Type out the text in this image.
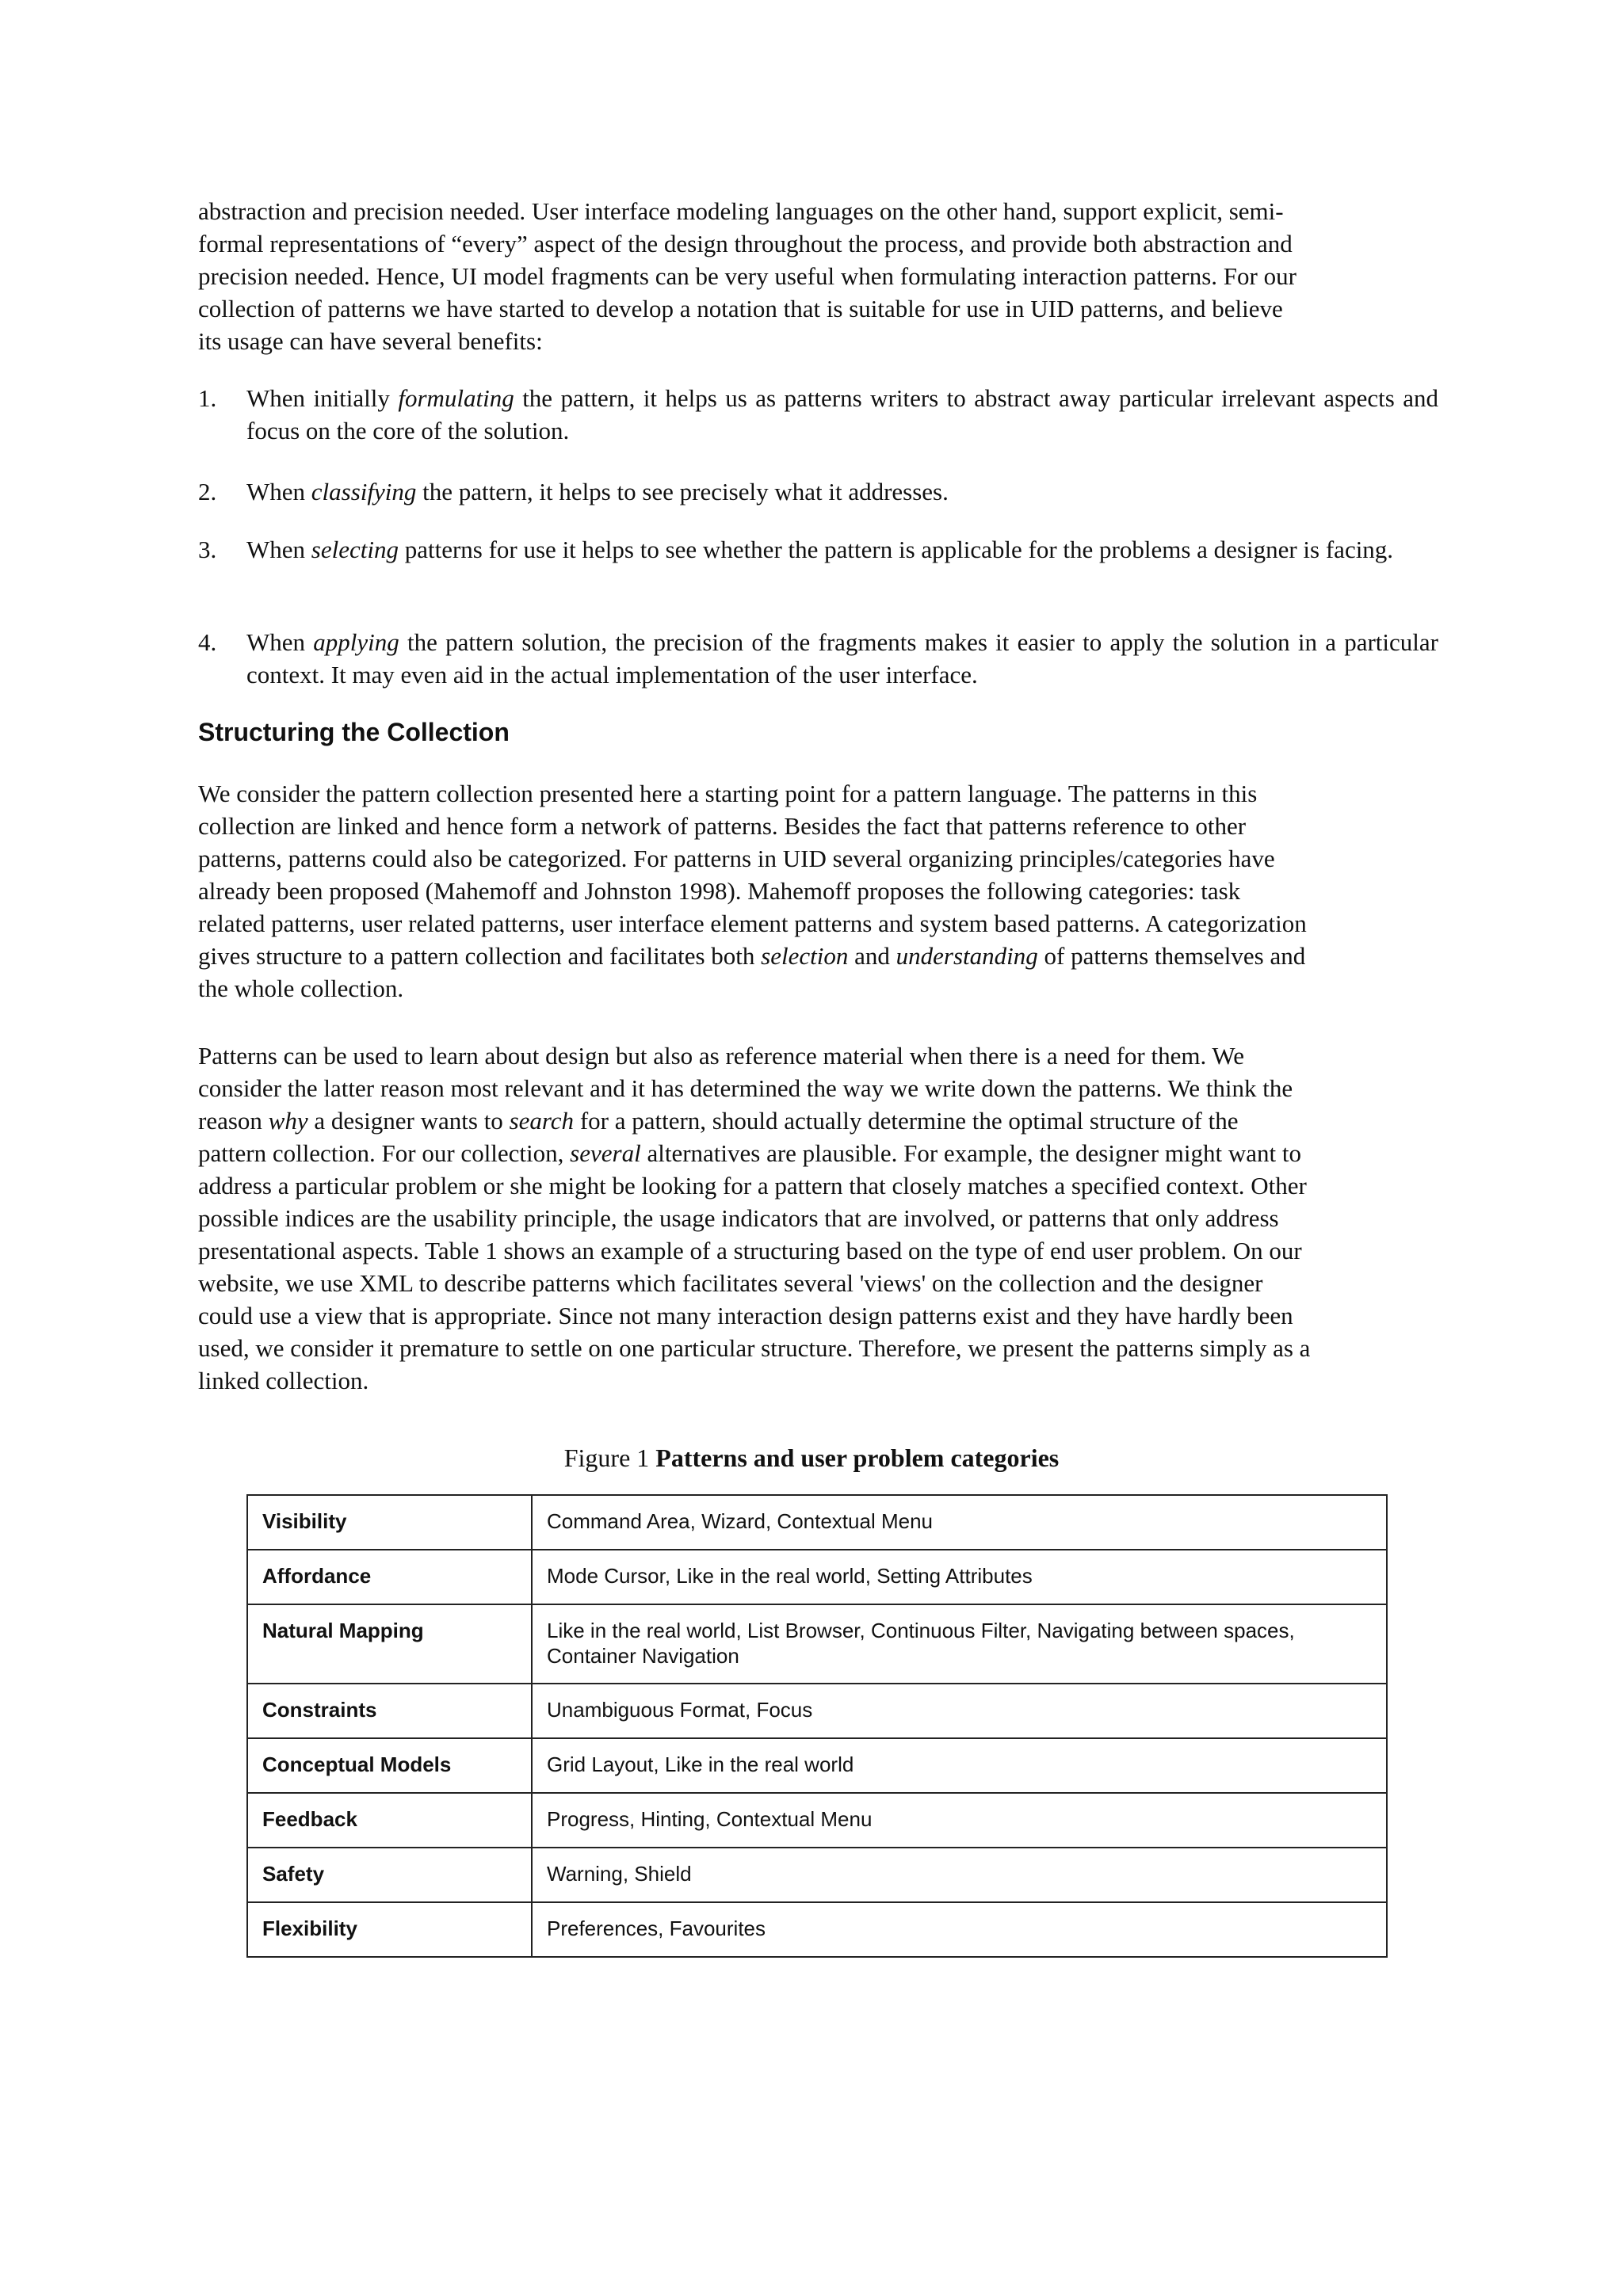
abstraction and precision needed. User interface modeling languages on the other hand, support explicit, semi-

formal representations of “every” aspect of the design throughout the process, and provide both abstraction and

precision needed. Hence, UI model fragments can be very useful when formulating interaction patterns. For our

collection of patterns we have started to develop a notation that is suitable for use in UID patterns, and believe

its usage can have several benefits:

1.	When initially formulating the pattern, it helps us as patterns writers to abstract away particular irrelevant aspects and focus on the core of the solution.

2.	When classifying the pattern, it helps to see precisely what it addresses.

3.	When selecting patterns for use it helps to see whether the pattern is applicable for the problems a designer is facing.

4.	When applying the pattern solution, the precision of the fragments makes it easier to apply the solution in a particular context. It may even aid in the actual implementation of the user interface.

Structuring the Collection

We consider the pattern collection presented here a starting point for a pattern language. The patterns in this

collection are linked and hence form a network of patterns. Besides the fact that patterns reference to other

patterns, patterns could also be categorized. For patterns in UID several organizing principles/categories have

already been proposed (Mahemoff and Johnston 1998). Mahemoff proposes the following categories: task

related patterns, user related patterns, user interface element patterns and system based patterns. A categorization

gives structure to a pattern collection and facilitates both selection and understanding of patterns themselves and

the whole collection.

Patterns can be used to learn about design but also as reference material when there is a need for them. We

consider the latter reason most relevant and it has determined the way we write down the patterns. We think the

reason why a designer wants to search for a pattern, should actually determine the optimal structure of the

pattern collection. For our collection, several alternatives are plausible. For example, the designer might want to

address a particular problem or she might be looking for a pattern that closely matches a specified context. Other

possible indices are the usability principle, the usage indicators that are involved, or patterns that only address

presentational aspects. Table 1 shows an example of a structuring based on the type of end user problem. On our

website, we use XML to describe patterns which facilitates several 'views' on the collection and the designer

could use a view that is appropriate. Since not many interaction design patterns exist and they have hardly been

used, we consider it premature to settle on one particular structure. Therefore, we present the patterns simply as a

linked collection.

Figure 1 Patterns and user problem categories
Visibility	Command Area, Wizard, Contextual Menu
Affordance	Mode Cursor, Like in the real world, Setting Attributes
Natural Mapping	Like in the real world, List Browser, Continuous Filter, Navigating between spaces, Container Navigation
Constraints	Unambiguous Format, Focus
Conceptual Models	Grid Layout, Like in the real world
Feedback	Progress, Hinting, Contextual Menu
Safety	Warning, Shield
Flexibility	Preferences, Favourites
